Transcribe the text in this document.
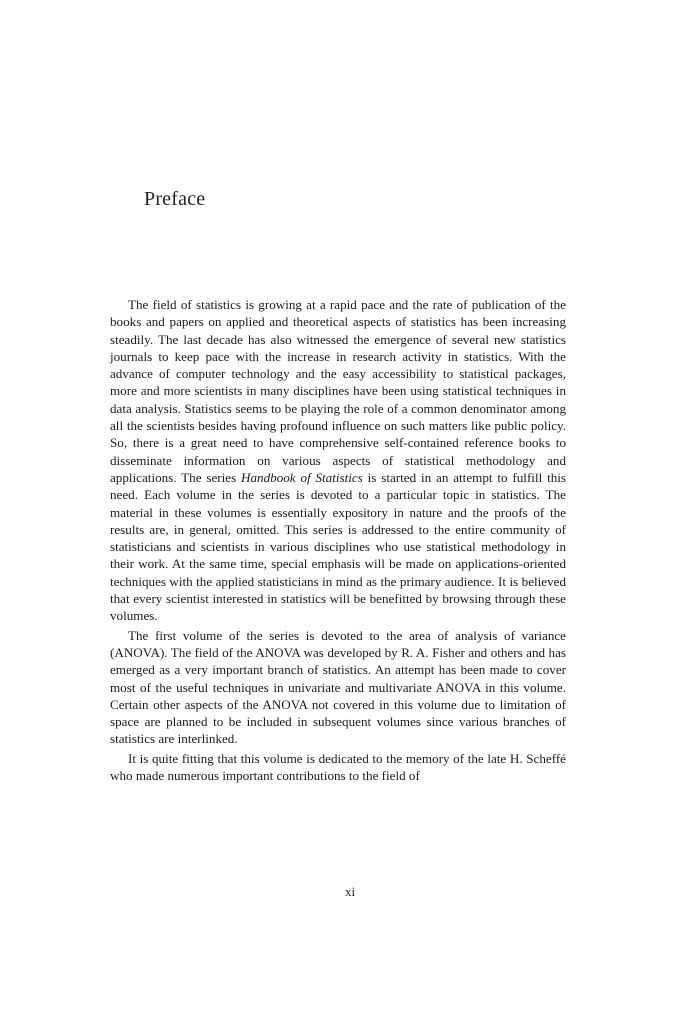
Preface

The field of statistics is growing at a rapid pace and the rate of publication of the books and papers on applied and theoretical aspects of statistics has been increasing steadily. The last decade has also witnessed the emergence of several new statistics journals to keep pace with the increase in research activity in statistics. With the advance of computer technology and the easy accessibility to statistical packages, more and more scientists in many disciplines have been using statistical techniques in data analysis. Statistics seems to be playing the role of a common denominator among all the scientists besides having profound influence on such matters like public policy. So, there is a great need to have comprehensive self-contained reference books to disseminate information on various aspects of statistical methodology and applications. The series Handbook of Statistics is started in an attempt to fulfill this need. Each volume in the series is devoted to a particular topic in statistics. The material in these volumes is essentially expository in nature and the proofs of the results are, in general, omitted. This series is addressed to the entire community of statisticians and scientists in various disciplines who use statistical methodology in their work. At the same time, special emphasis will be made on applications-oriented techniques with the applied statisticians in mind as the primary audience. It is believed that every scientist interested in statistics will be benefitted by browsing through these volumes.

The first volume of the series is devoted to the area of analysis of variance (ANOVA). The field of the ANOVA was developed by R. A. Fisher and others and has emerged as a very important branch of statistics. An attempt has been made to cover most of the useful techniques in univariate and multivariate ANOVA in this volume. Certain other aspects of the ANOVA not covered in this volume due to limitation of space are planned to be included in subsequent volumes since various branches of statistics are interlinked.

It is quite fitting that this volume is dedicated to the memory of the late H. Scheffé who made numerous important contributions to the field of

xi
